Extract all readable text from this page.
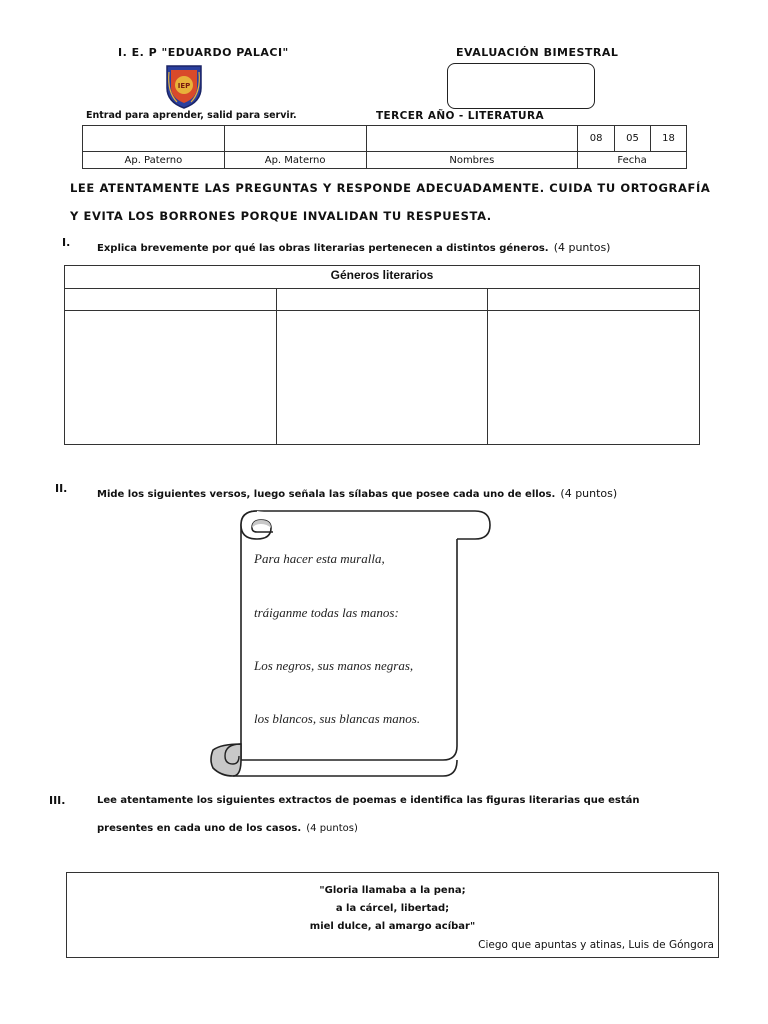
I. E. P "EDUARDO PALACI"	EVALUACIÓN BIMESTRAL
IEP
Entrad para aprender, salid para servir.	TERCER AÑO - LITERATURA
			08	05	18
Ap. Paterno	Ap. Materno	Nombres	Fecha		
LEE ATENTAMENTE LAS PREGUNTAS Y RESPONDE ADECUADAMENTE. CUIDA TU ORTOGRAFÍA
Y EVITA LOS BORRONES PORQUE INVALIDAN TU RESPUESTA.
I.	Explica brevemente por qué las obras literarias pertenecen a distintos géneros. (4 puntos)
Géneros literarios		

II.	Mide los siguientes versos, luego señala las sílabas que posee cada uno de ellos. (4 puntos)
Para hacer esta muralla,
tráiganme todas las manos:
Los negros, sus manos negras,
los blancos, sus blancas manos.
III.	Lee atentamente los siguientes extractos de poemas e identifica las figuras literarias que están
presentes en cada uno de los casos. (4 puntos)
"Gloria llamaba a la pena;
a la cárcel, libertad;
miel dulce, al amargo acíbar"
Ciego que apuntas y atinas, Luis de Góngora
